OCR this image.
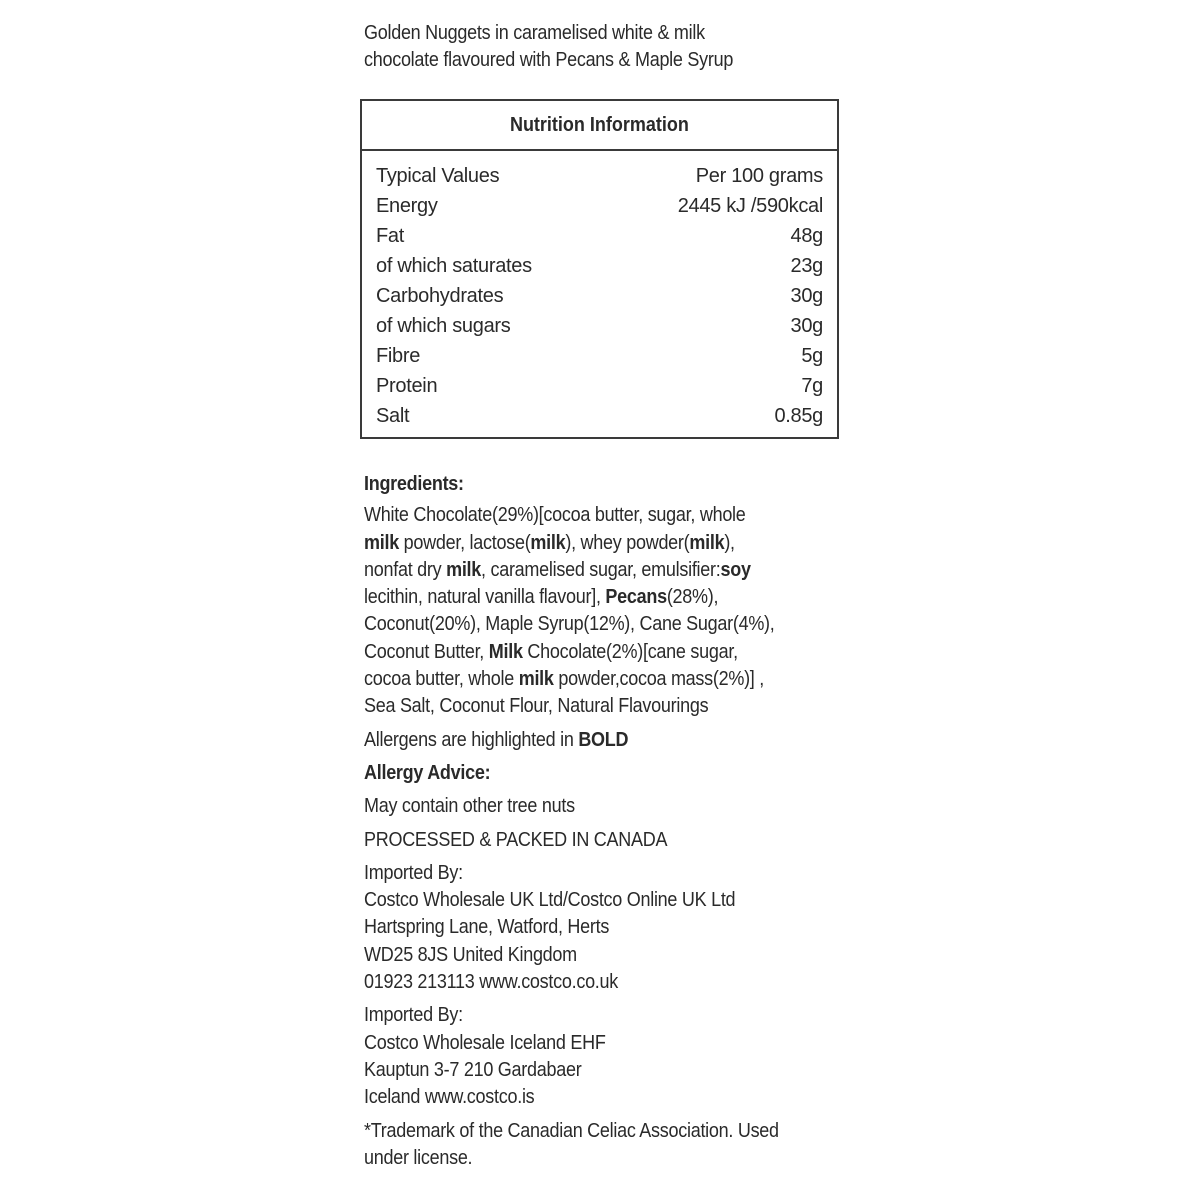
Golden Nuggets in caramelised white & milk
chocolate flavoured with Pecans & Maple Syrup
Nutrition Information
Typical Values	Per 100 grams
Energy	2445 kJ /590kcal
Fat	48g
of which saturates	23g
Carbohydrates	30g
of which sugars	30g
Fibre	5g
Protein	7g
Salt	0.85g
Ingredients:
White Chocolate(29%)[cocoa butter, sugar, whole
milk powder, lactose(milk), whey powder(milk),
nonfat dry milk, caramelised sugar, emulsifier:soy
lecithin, natural vanilla flavour], Pecans(28%),
Coconut(20%), Maple Syrup(12%), Cane Sugar(4%),
Coconut Butter, Milk Chocolate(2%)[cane sugar,
cocoa butter, whole milk powder,cocoa mass(2%)] ,
Sea Salt, Coconut Flour, Natural Flavourings
Allergens are highlighted in BOLD
Allergy Advice:
May contain other tree nuts
PROCESSED & PACKED IN CANADA
Imported By:
Costco Wholesale UK Ltd/Costco Online UK Ltd
Hartspring Lane, Watford, Herts
WD25 8JS United Kingdom
01923 213113 www.costco.co.uk
Imported By:
Costco Wholesale Iceland EHF
Kauptun 3-7 210 Gardabaer
Iceland www.costco.is
*Trademark of the Canadian Celiac Association. Used
under license.
